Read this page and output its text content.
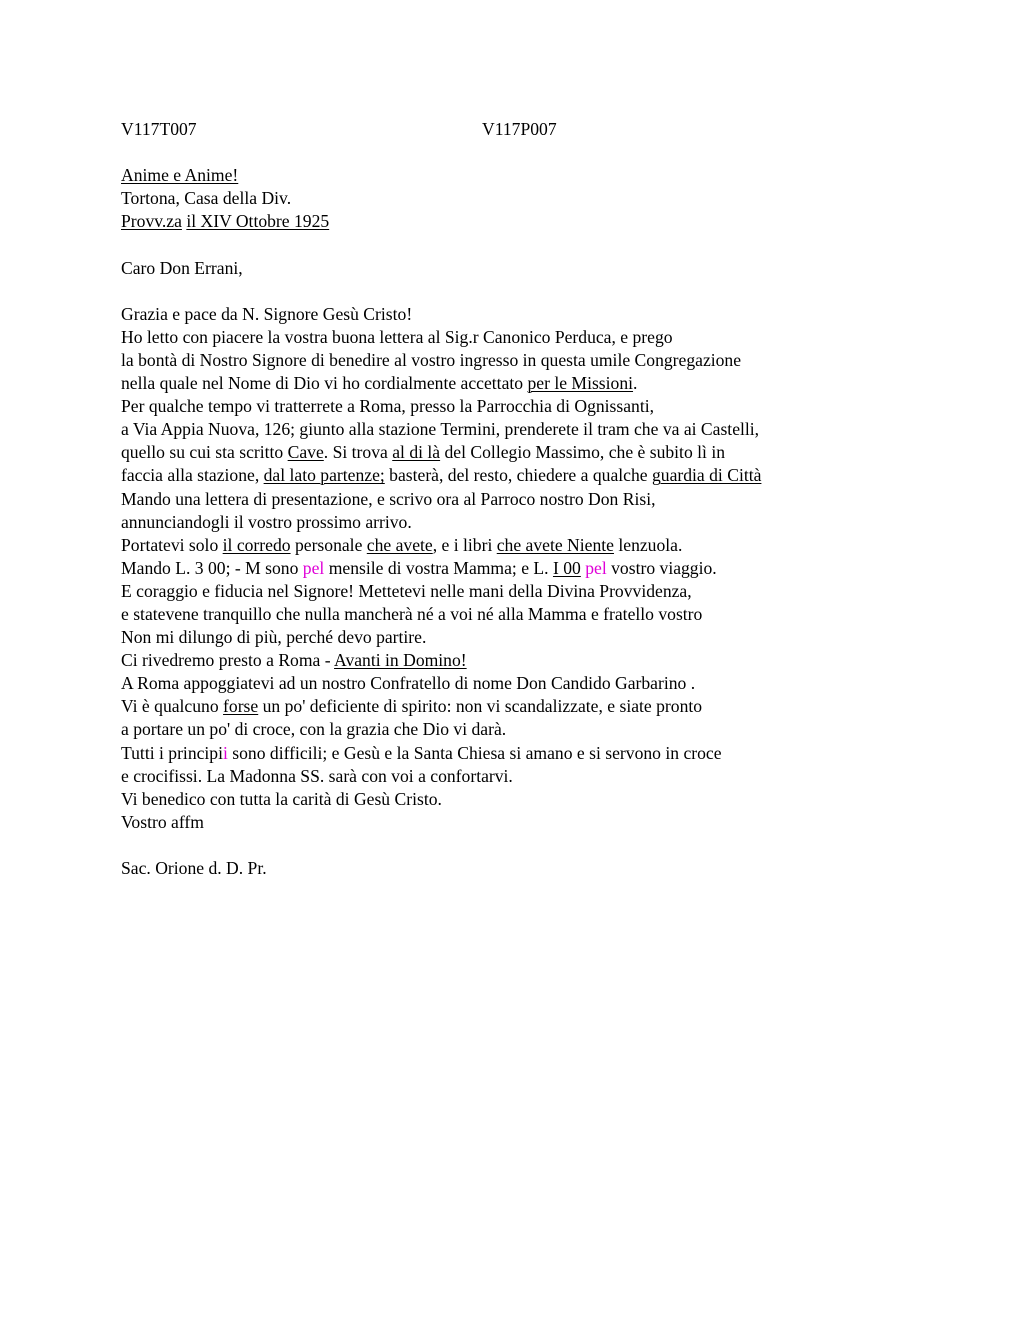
V117T007	V117P007
Anime e Anime!
Tortona, Casa della Div.
Provv.za il XIV Ottobre 1925
Caro Don Errani,
Grazia e pace da N. Signore Gesù Cristo!
Ho letto con piacere la vostra buona lettera al Sig.r Canonico Perduca, e prego
la bontà di Nostro Signore di benedire al vostro ingresso in questa umile Congregazione
nella quale nel Nome di Dio vi ho cordialmente accettato per le Missioni.
Per qualche tempo vi tratterrete a Roma, presso la Parrocchia di Ognissanti,
a Via Appia Nuova, 126; giunto alla stazione Termini, prenderete il tram che va ai Castelli,
quello su cui sta scritto Cave. Si trova al di là del Collegio Massimo, che è subito lì in
faccia alla stazione, dal lato partenze; basterà, del resto, chiedere a qualche guardia di Città
Mando una lettera di presentazione, e scrivo ora al Parroco nostro Don Risi,
annunciandogli il vostro prossimo arrivo.
Portatevi solo il corredo personale che avete, e i libri che avete Niente lenzuola.
Mando L. 3 00; - M sono pel mensile di vostra Mamma; e L. I 00 pel vostro viaggio.
E coraggio e fiducia nel Signore! Mettetevi nelle mani della Divina Provvidenza,
e statevene tranquillo che nulla mancherà né a voi né alla Mamma e fratello vostro
Non mi dilungo di più, perché devo partire.
Ci rivedremo presto a Roma - Avanti in Domino!
A Roma appoggiatevi ad un nostro Confratello di nome Don Candido Garbarino .
Vi è qualcuno forse un po' deficiente di spirito: non vi scandalizzate, e siate pronto
a portare un po' di croce, con la grazia che Dio vi darà.
Tutti i principii sono difficili; e Gesù e la Santa Chiesa si amano e si servono in croce
e crocifissi. La Madonna SS. sarà con voi a confortarvi.
Vi benedico con tutta la carità di Gesù Cristo.
Vostro affm
Sac. Orione d. D. Pr.
